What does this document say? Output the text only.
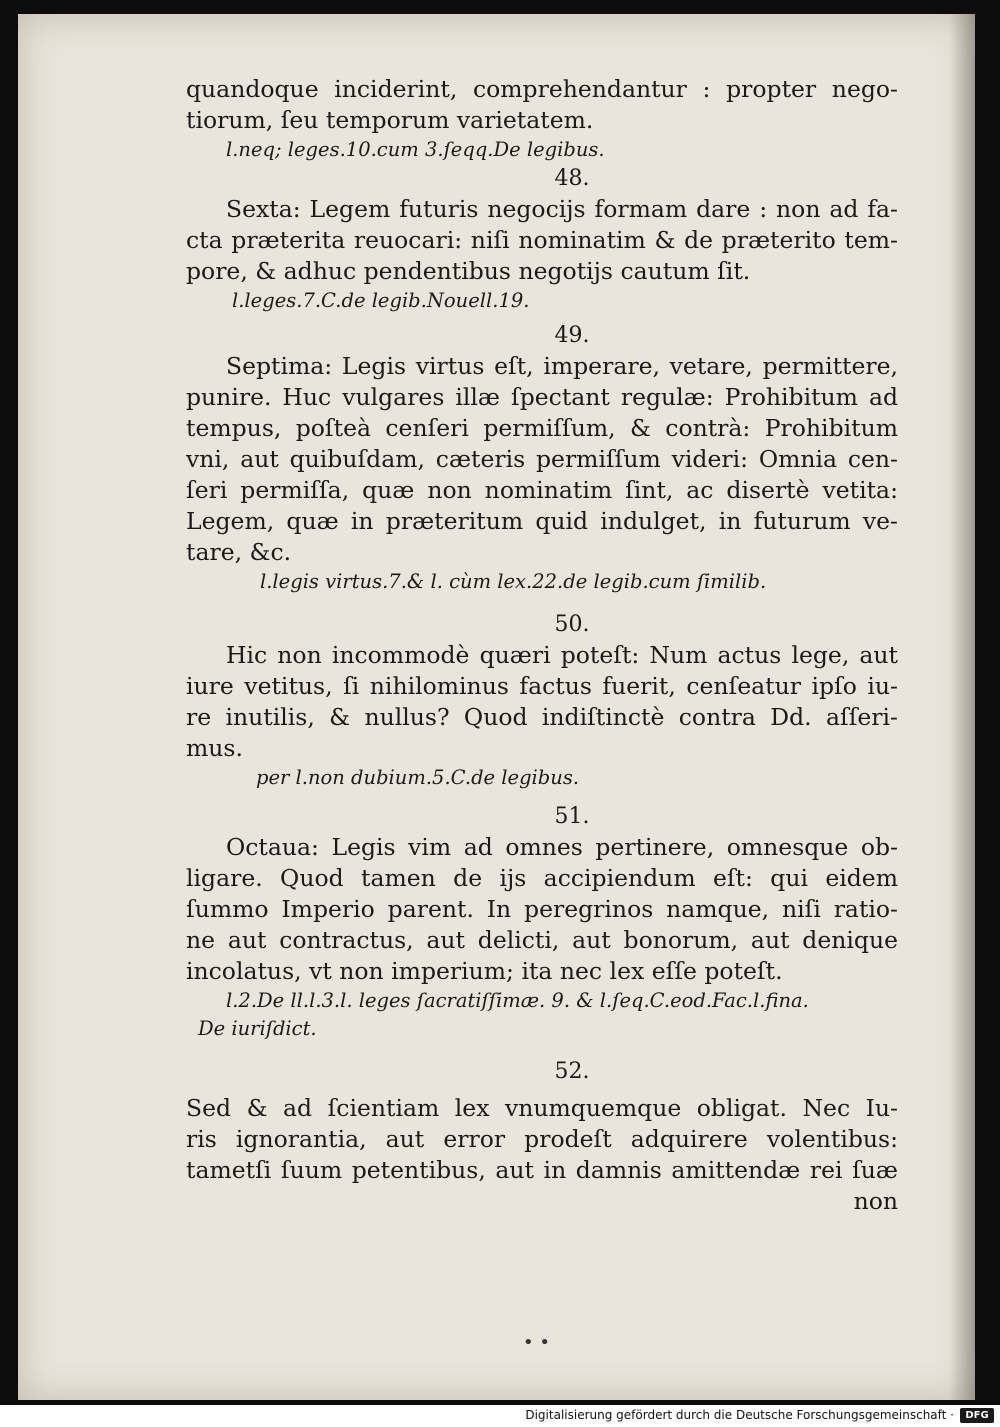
quandoque inciderint, comprehendantur : propter nego-
tiorum, ſeu temporum varietatem.
l.neq; leges.10.cum 3.ſeqq.De legibus.
48.
Sexta: Legem futuris negocijs formam dare : non ad fa-
cta præterita reuocari: niſi nominatim & de præterito tem-
pore, & adhuc pendentibus negotijs cautum ſit.
l.leges.7.C.de legib.Nouell.19.
49.
Septima: Legis virtus eſt, imperare, vetare, permittere,
punire. Huc vulgares illæ ſpectant regulæ: Prohibitum ad
tempus, poſteà cenſeri permiſſum, & contrà: Prohibitum
vni, aut quibuſdam, cæteris permiſſum videri: Omnia cen-
ſeri permiſſa, quæ non nominatim ſint, ac disertè vetita:
Legem, quæ in præteritum quid indulget, in futurum ve-
tare, &c.
l.legis virtus.7.& l. cùm lex.22.de legib.cum ſimilib.
50.
Hic non incommodè quæri poteſt: Num actus lege, aut
iure vetitus, ſi nihilominus factus fuerit, cenſeatur ipſo iu-
re inutilis, & nullus? Quod indiſtinctè contra Dd. aſſeri-
mus.
per l.non dubium.5.C.de legibus.
51.
Octaua: Legis vim ad omnes pertinere, omnesque ob-
ligare. Quod tamen de ijs accipiendum eſt: qui eidem
ſummo Imperio parent. In peregrinos namque, niſi ratio-
ne aut contractus, aut delicti, aut bonorum, aut denique
incolatus, vt non imperium; ita nec lex eſſe poteſt.
l.2.De ll.l.3.l. leges ſacratiſſimæ. 9. & l.ſeq.C.eod.Fac.l.fina.
De iuriſdict.
52.
Sed & ad ſcientiam lex vnumquemque obligat. Nec Iu-
ris ignorantia, aut error prodeſt adquirere volentibus:
tametſi ſuum petentibus, aut in damnis amittendæ rei ſuæ
non
• •
Digitalisierung gefördert durch die Deutsche Forschungsgemeinschaft ·	DFG
